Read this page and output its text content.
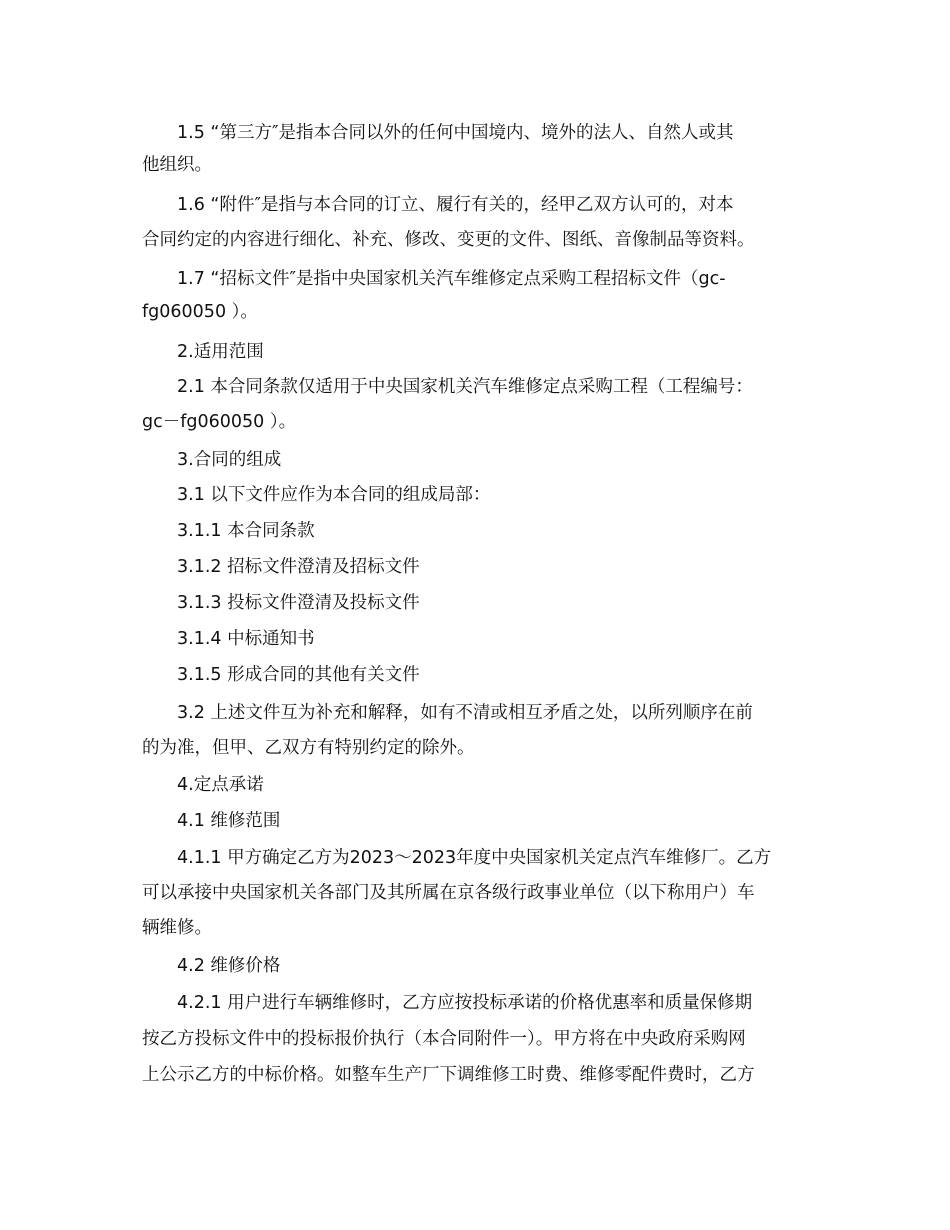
1.5 “第三方″是指本合同以外的任何中国境内、境外的法人、自然人或其

他组织。

1.6 “附件″是指与本合同的订立、履行有关的，经甲乙双方认可的，对本

合同约定的内容进行细化、补充、修改、变更的文件、图纸、音像制品等资料。

1.7 “招标文件″是指中央国家机关汽车维修定点采购工程招标文件（gc-

fg060050 ）。

2.适用范围

2.1 本合同条款仅适用于中央国家机关汽车维修定点采购工程（工程编号：

gc－fg060050 ）。

3.合同的组成

3.1 以下文件应作为本合同的组成局部：

3.1.1 本合同条款

3.1.2 招标文件澄清及招标文件

3.1.3 投标文件澄清及投标文件

3.1.4 中标通知书

3.1.5 形成合同的其他有关文件

3.2 上述文件互为补充和解释，如有不清或相互矛盾之处，以所列顺序在前

的为准，但甲、乙双方有特别约定的除外。

4.定点承诺

4.1 维修范围

4.1.1 甲方确定乙方为2023～2023年度中央国家机关定点汽车维修厂。乙方

可以承接中央国家机关各部门及其所属在京各级行政事业单位（以下称用户）车

辆维修。

4.2 维修价格

4.2.1 用户进行车辆维修时，乙方应按投标承诺的价格优惠率和质量保修期

按乙方投标文件中的投标报价执行（本合同附件一）。甲方将在中央政府采购网

上公示乙方的中标价格。如整车生产厂下调维修工时费、维修零配件费时，乙方
